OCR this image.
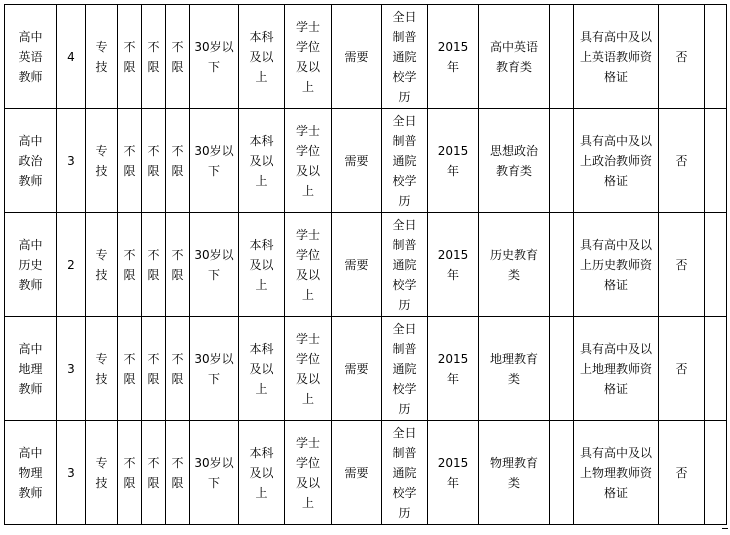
高中英语教师	4	专技	不限	不限	不限	30岁以下	本科及以上	学士学位及以上	需要	全日制普通院校学历	2015年	高中英语教育类		具有高中及以上英语教师资格证	否	

高中政治教师	3	专技	不限	不限	不限	30岁以下	本科及以上	学士学位及以上	需要	全日制普通院校学历	2015年	思想政治教育类		具有高中及以上政治教师资格证	否	

高中历史教师	2	专技	不限	不限	不限	30岁以下	本科及以上	学士学位及以上	需要	全日制普通院校学历	2015年	历史教育类		具有高中及以上历史教师资格证	否	

高中地理教师	3	专技	不限	不限	不限	30岁以下	本科及以上	学士学位及以上	需要	全日制普通院校学历	2015年	地理教育类		具有高中及以上地理教师资格证	否	

高中物理教师	3	专技	不限	不限	不限	30岁以下	本科及以上	学士学位及以上	需要	全日制普通院校学历	2015年	物理教育类		具有高中及以上物理教师资格证	否	
